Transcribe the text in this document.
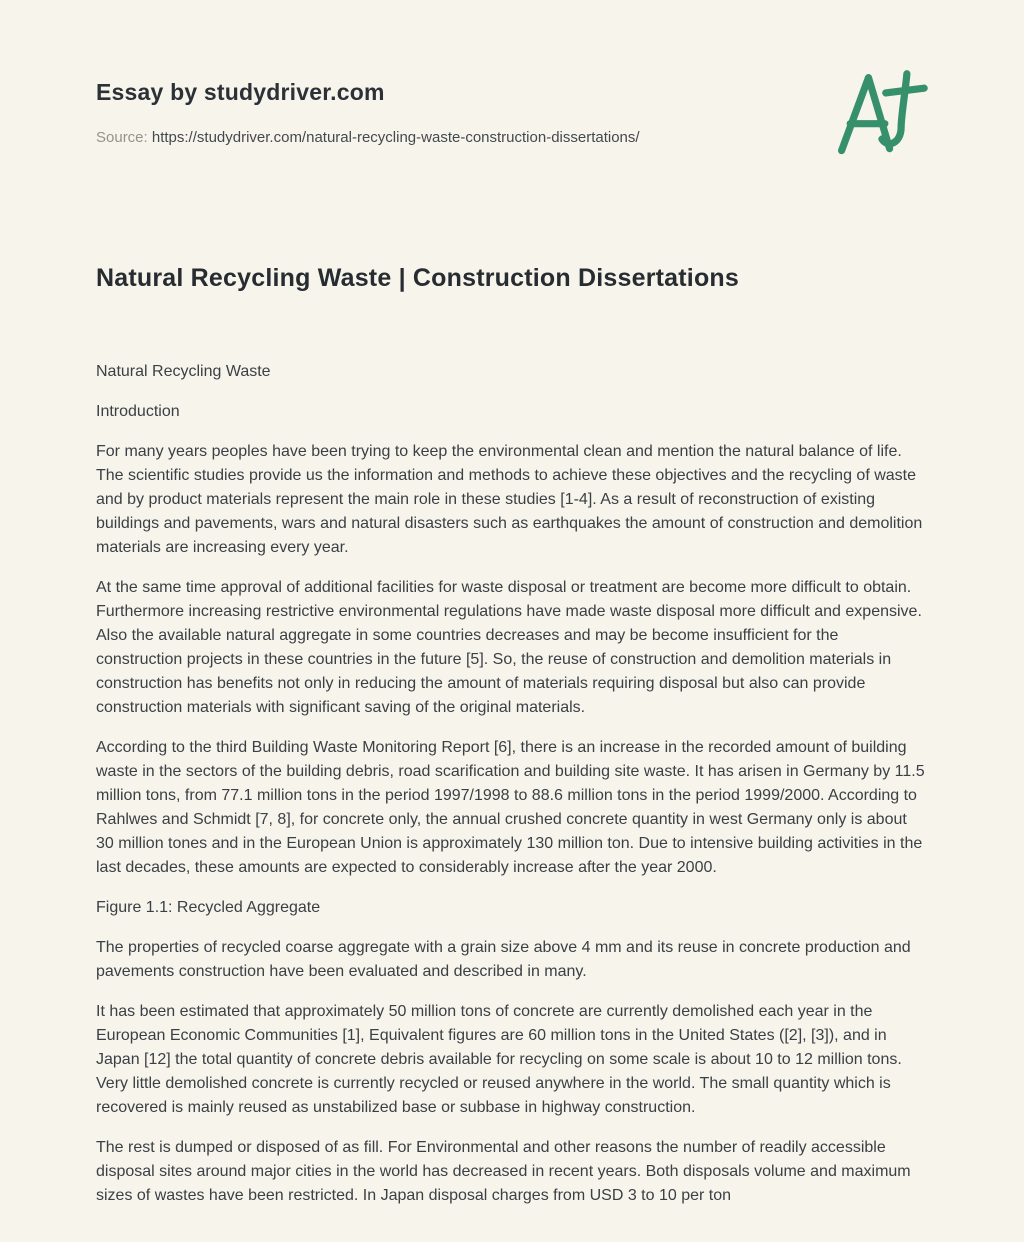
Essay by studydriver.com

Source: https://studydriver.com/natural-recycling-waste-construction-dissertations/

Natural Recycling Waste | Construction Dissertations

Natural Recycling Waste

Introduction

For many years peoples have been trying to keep the environmental clean and mention the natural balance of life. The scientific studies provide us the information and methods to achieve these objectives and the recycling of waste and by product materials represent the main role in these studies [1-4]. As a result of reconstruction of existing buildings and pavements, wars and natural disasters such as earthquakes the amount of construction and demolition materials are increasing every year.

At the same time approval of additional facilities for waste disposal or treatment are become more difficult to obtain. Furthermore increasing restrictive environmental regulations have made waste disposal more difficult and expensive. Also the available natural aggregate in some countries decreases and may be become insufficient for the construction projects in these countries in the future [5]. So, the reuse of construction and demolition materials in construction has benefits not only in reducing the amount of materials requiring disposal but also can provide construction materials with significant saving of the original materials.

According to the third Building Waste Monitoring Report [6], there is an increase in the recorded amount of building waste in the sectors of the building debris, road scarification and building site waste. It has arisen in Germany by 11.5 million tons, from 77.1 million tons in the period 1997/1998 to 88.6 million tons in the period 1999/2000. According to Rahlwes and Schmidt [7, 8], for concrete only, the annual crushed concrete quantity in west Germany only is about 30 million tones and in the European Union is approximately 130 million ton. Due to intensive building activities in the last decades, these amounts are expected to considerably increase after the year 2000.

Figure 1.1: Recycled Aggregate

The properties of recycled coarse aggregate with a grain size above 4 mm and its reuse in concrete production and pavements construction have been evaluated and described in many.

It has been estimated that approximately 50 million tons of concrete are currently demolished each year in the European Economic Communities [1], Equivalent figures are 60 million tons in the United States ([2], [3]), and in Japan [12] the total quantity of concrete debris available for recycling on some scale is about 10 to 12 million tons. Very little demolished concrete is currently recycled or reused anywhere in the world. The small quantity which is recovered is mainly reused as unstabilized base or subbase in highway construction.

The rest is dumped or disposed of as fill. For Environmental and other reasons the number of readily accessible disposal sites around major cities in the world has decreased in recent years. Both disposals volume and maximum sizes of wastes have been restricted. In Japan disposal charges from USD 3 to 10 per ton
